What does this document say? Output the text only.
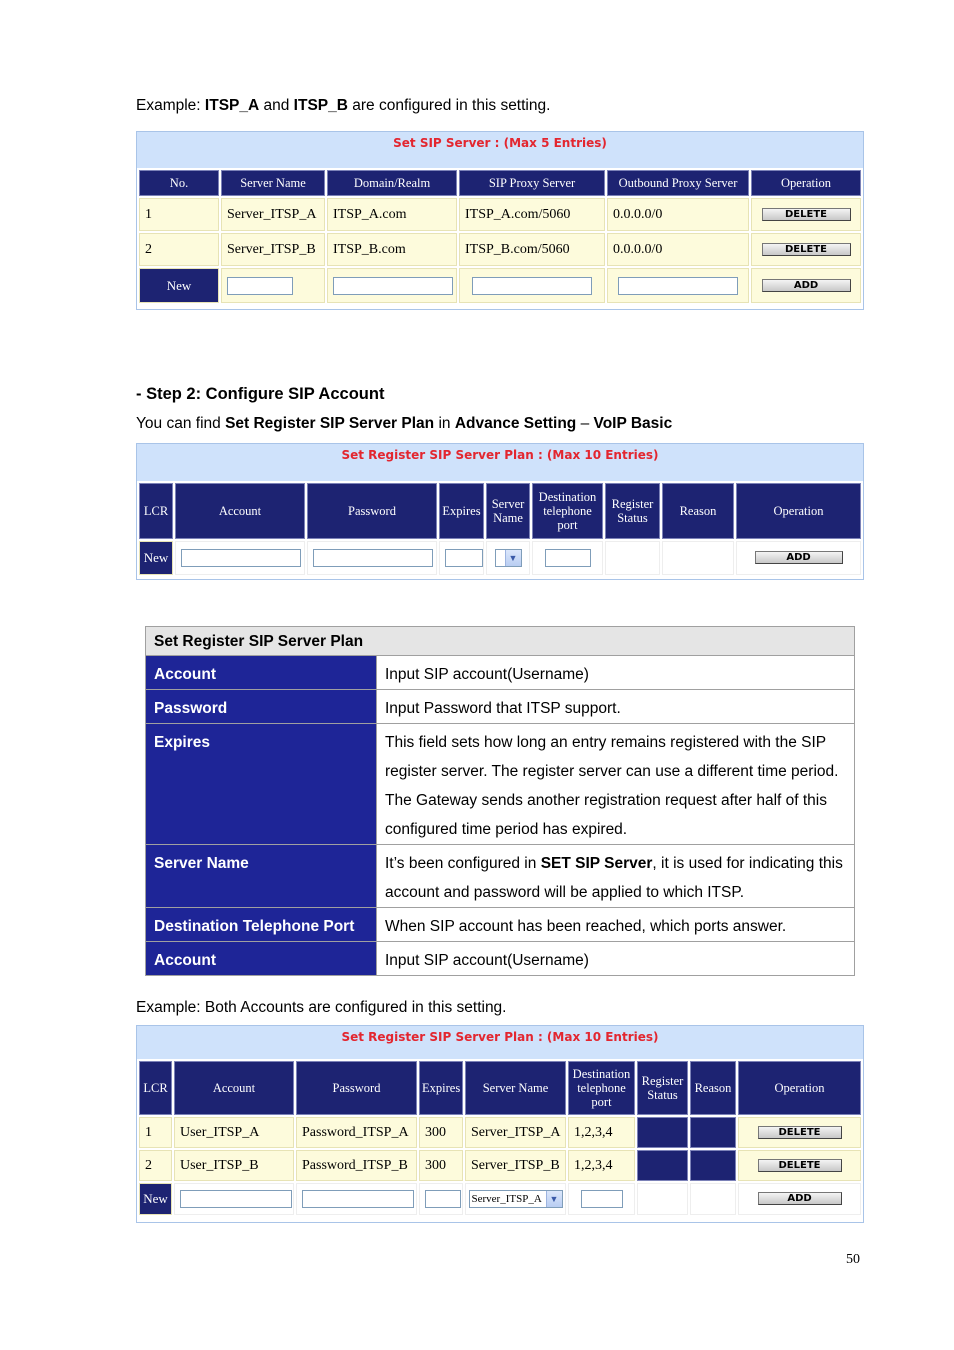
Example: ITSP_A and ITSP_B are configured in this setting.
Set SIP Server : (Max 5 Entries)
No.	Server Name	Domain/Realm	SIP Proxy Server	Outbound Proxy Server	Operation
1	Server_ITSP_A	ITSP_A.com	ITSP_A.com/5060	0.0.0.0/0	DELETE
2	Server_ITSP_B	ITSP_B.com	ITSP_B.com/5060	0.0.0.0/0	DELETE
New					ADD
- Step 2: Configure SIP Account
You can find Set Register SIP Server Plan in Advance Setting – VoIP Basic
Set Register SIP Server Plan : (Max 10 Entries)
LCR	Account	Password	Expires	Server Name	Destination telephone port	Register Status	Reason	Operation
New				▼				ADD
Set Register SIP Server Plan	
Account	Input SIP account(Username)
Password	Input Password that ITSP support.
Expires	This field sets how long an entry remains registered with the SIP register server. The register server can use a different time period. The Gateway sends another registration request after half of this configured time period has expired.
Server Name	It’s been configured in SET SIP Server, it is used for indicating this account and password will be applied to which ITSP.
Destination Telephone Port	When SIP account has been reached, which ports answer.
Account	Input SIP account(Username)
Example: Both Accounts are configured in this setting.
Set Register SIP Server Plan : (Max 10 Entries)
LCR	Account	Password	Expires	Server Name	Destination telephone port	Register Status	Reason	Operation
1	User_ITSP_A	Password_ITSP_A	300	Server_ITSP_A	1,2,3,4			DELETE
2	User_ITSP_B	Password_ITSP_B	300	Server_ITSP_B	1,2,3,4			DELETE
New				Server_ITSP_A ▼				ADD
50
